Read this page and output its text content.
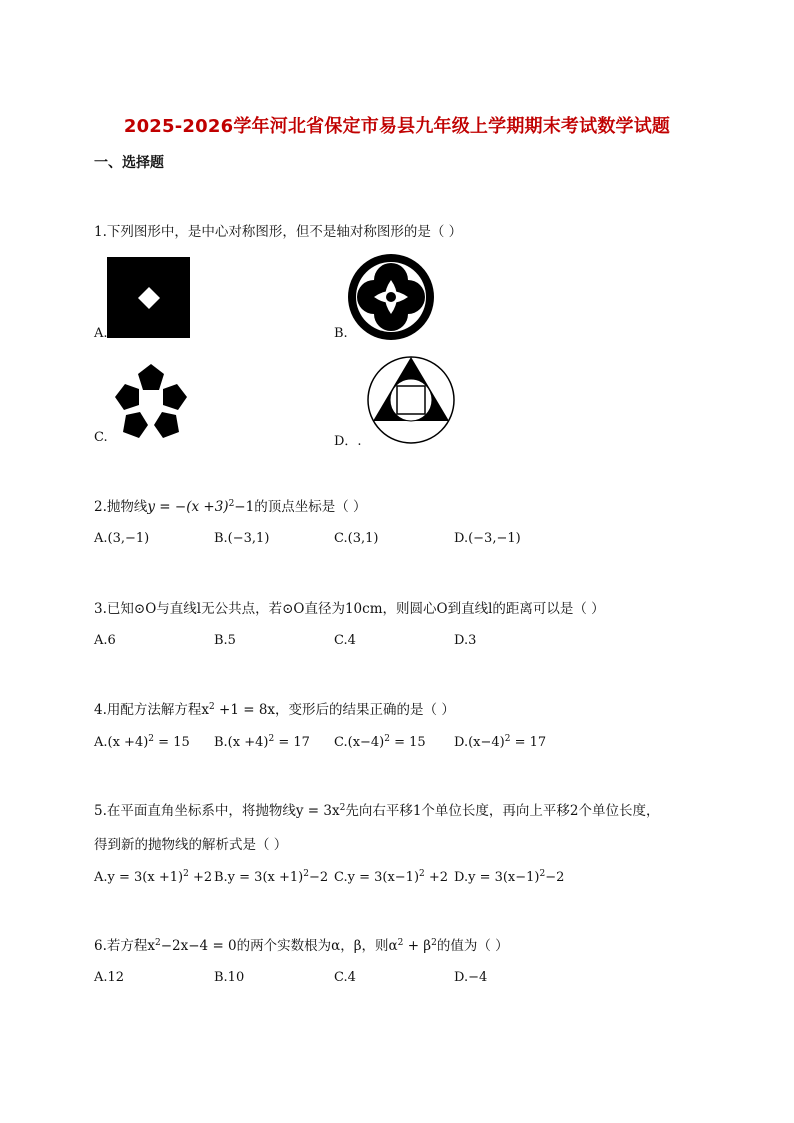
2025-2026学年河北省保定市易县九年级上学期期末考试数学试题
一、选择题
1.下列图形中，是中心对称图形，但不是轴对称图形的是（ ）
A.	B.
C.	D．.
2.抛物线$y = -(x +3)^2-1$的顶点坐标是（ ）
A.(3,−1)	B.(−3,1)	C.(3,1)	D.(−3,−1)
3.已知⊙O与直线l无公共点，若⊙O直径为10cm，则圆心O到直线l的距离可以是（ ）
A.6	B.5	C.4	D.3
4.用配方法解方程$x^2 +1 = 8x$，变形后的结果正确的是（ ）
$A.(x +4)^2 = 15$ $B.(x +4)^2 = 17$ $C.(x-4)^2 = 15$ $D.(x-4)^2 = 17$
5.在平面直角坐标系中，将抛物线$y = 3x^2$先向右平移1个单位长度，再向上平移2个单位长度，
得到新的抛物线的解析式是（ ）
$A.y = 3(x +1)^2 +2$ $B.y = 3(x +1)^2-2$ $C.y = 3(x-1)^2 +2$ $D.y = 3(x-1)^2-2$
6.若方程$x^2-2x-4 = 0$的两个实数根为α，β，则$\alpha^2 + \beta^2$的值为（ ）
A.12	B.10	C.4	D.−4
